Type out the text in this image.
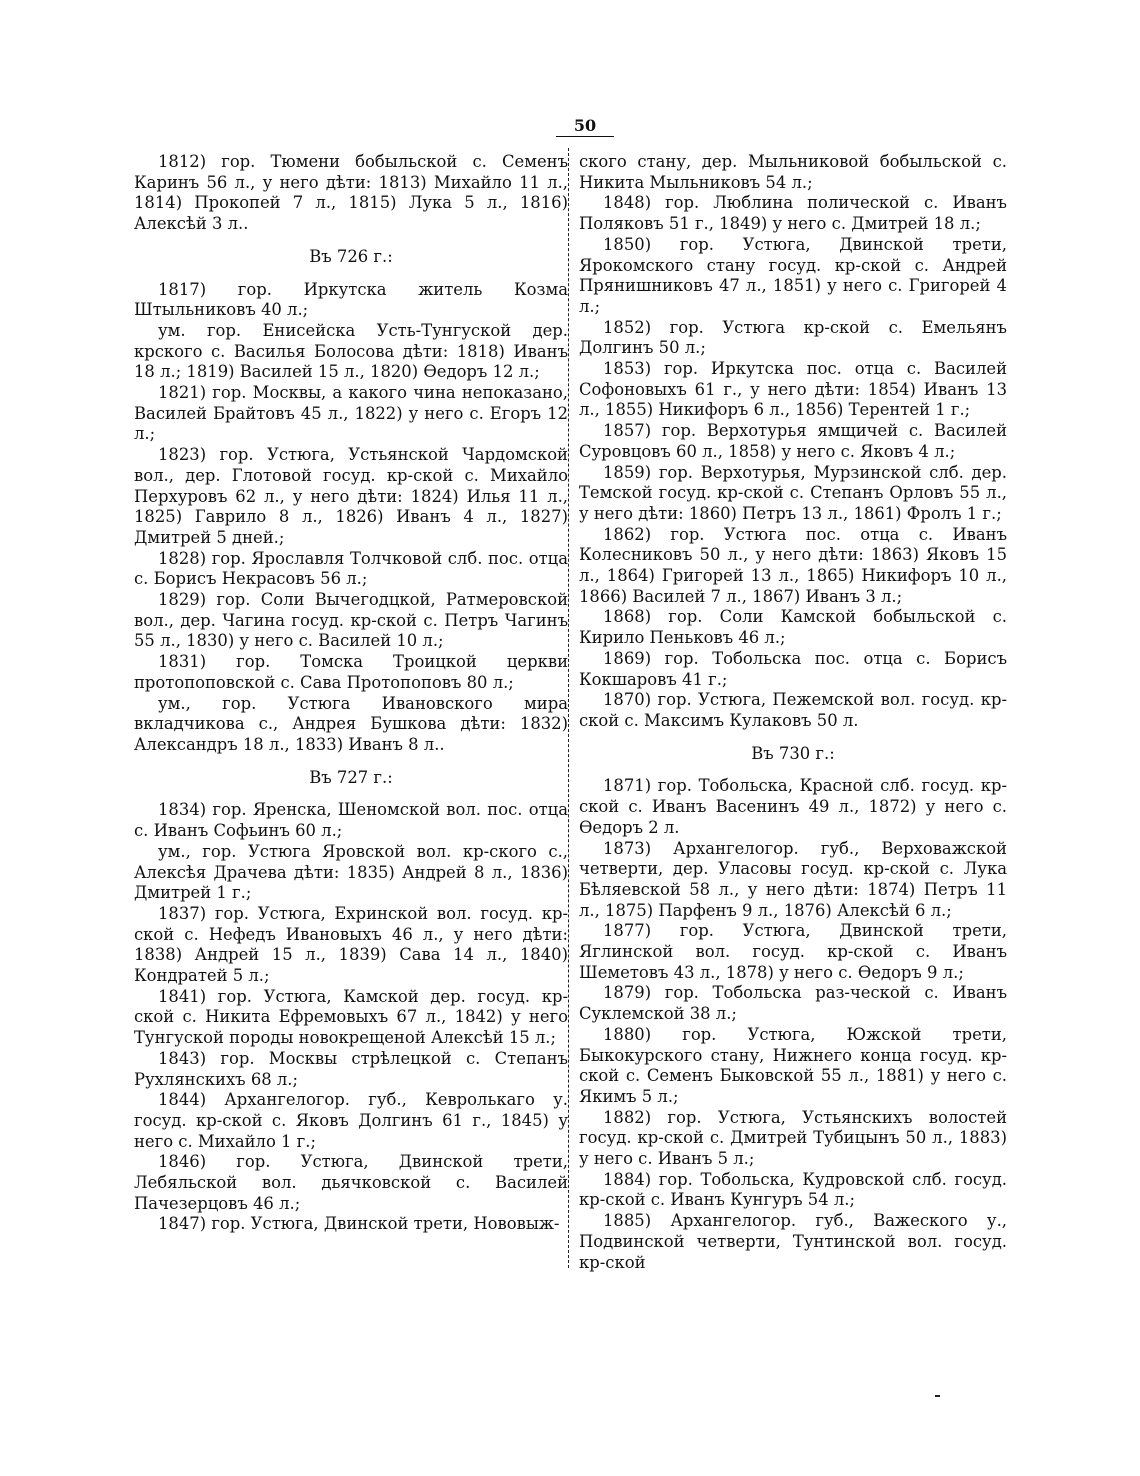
50

1812) гор. Тюмени бобыльской с. Семенъ Каринъ 56 л., у него дѣти: 1813) Михайло 11 л., 1814) Прокопей 7 л., 1815) Лука 5 л., 1816) Алексѣй 3 л..

Въ 726 г.:

1817) гор. Иркутска житель Козма Штыльниковъ 40 л.;

ум. гор. Енисейска Усть-Тунгуской дер. крского с. Василья Болосова дѣти: 1818) Иванъ 18 л.; 1819) Василей 15 л., 1820) Ѳедоръ 12 л.;

1821) гор. Москвы, а какого чина непоказано, Василей Брайтовъ 45 л., 1822) у него с. Егоръ 12 л.;

1823) гор. Устюга, Устьянской Чардомской вол., дер. Глотовой госуд. кр-ской с. Михайло Перхуровъ 62 л., у него дѣти: 1824) Илья 11 л., 1825) Гаврило 8 л., 1826) Иванъ 4 л., 1827) Дмитрей 5 дней.;

1828) гор. Ярославля Толчковой слб. пос. отца с. Борисъ Некрасовъ 56 л.;

1829) гор. Соли Вычегодцкой, Ратмеровской вол., дер. Чагина госуд. кр-ской с. Петръ Чагинъ 55 л., 1830) у него с. Василей 10 л.;

1831) гор. Томска Троицкой церкви протопоповской с. Сава Протопоповъ 80 л.;

ум., гор. Устюга Ивановского мира вкладчикова с., Андрея Бушкова дѣти: 1832) Александръ 18 л., 1833) Иванъ 8 л..

Въ 727 г.:

1834) гор. Яренска, Шеномской вол. пос. отца с. Иванъ Софьинъ 60 л.;

ум., гор. Устюга Яровской вол. кр-ского с., Алексѣя Драчева дѣти: 1835) Андрей 8 л., 1836) Дмитрей 1 г.;

1837) гор. Устюга, Ехринской вол. госуд. кр-ской с. Нефедъ Ивановыхъ 46 л., у него дѣти: 1838) Андрей 15 л., 1839) Сава 14 л., 1840) Кондратей 5 л.;

1841) гор. Устюга, Камской дер. госуд. кр-ской с. Никита Ефремовыхъ 67 л., 1842) у него Тунгуской породы новокрещеной Алексѣй 15 л.;

1843) гор. Москвы стрѣлецкой с. Степанъ Рухлянскихъ 68 л.;

1844) Архангелогор. губ., Кевролькаго у. госуд. кр-ской с. Яковъ Долгинъ 61 г., 1845) у него с. Михайло 1 г.;

1846) гор. Устюга, Двинской трети, Лебяльской вол. дьячковской с. Василей Пачезерцовъ 46 л.;

1847) гор. Устюга, Двинской трети, Нововыж-

ского стану, дер. Мыльниковой бобыльской с. Никита Мыльниковъ 54 л.;

1848) гор. Люблина полической с. Иванъ Поляковъ 51 г., 1849) у него с. Дмитрей 18 л.;

1850) гор. Устюга, Двинской трети, Ярокомского стану госуд. кр-ской с. Андрей Прянишниковъ 47 л., 1851) у него с. Григорей 4 л.;

1852) гор. Устюга кр-ской с. Емельянъ Долгинъ 50 л.;

1853) гор. Иркутска пос. отца с. Василей Софоновыхъ 61 г., у него дѣти: 1854) Иванъ 13 л., 1855) Никифоръ 6 л., 1856) Терентей 1 г.;

1857) гор. Верхотурья ямщичей с. Василей Суровцовъ 60 л., 1858) у него с. Яковъ 4 л.;

1859) гор. Верхотурья, Мурзинской слб. дер. Темской госуд. кр-ской с. Степанъ Орловъ 55 л., у него дѣти: 1860) Петръ 13 л., 1861) Фролъ 1 г.;

1862) гор. Устюга пос. отца с. Иванъ Колесниковъ 50 л., у него дѣти: 1863) Яковъ 15 л., 1864) Григорей 13 л., 1865) Никифоръ 10 л., 1866) Василей 7 л., 1867) Иванъ 3 л.;

1868) гор. Соли Камской бобыльской с. Кирило Пеньковъ 46 л.;

1869) гор. Тобольска пос. отца с. Борисъ Кокшаровъ 41 г.;

1870) гор. Устюга, Пежемской вол. госуд. кр-ской с. Максимъ Кулаковъ 50 л.

Въ 730 г.:

1871) гор. Тобольска, Красной слб. госуд. кр-ской с. Иванъ Васенинъ 49 л., 1872) у него с. Ѳедоръ 2 л.

1873) Архангелогор. губ., Верховажской четверти, дер. Уласовы госуд. кр-ской с. Лука Бѣляевской 58 л., у него дѣти: 1874) Петръ 11 л., 1875) Парфенъ 9 л., 1876) Алексѣй 6 л.;

1877) гор. Устюга, Двинской трети, Яглинской вол. госуд. кр-ской с. Иванъ Шеметовъ 43 л., 1878) у него с. Ѳедоръ 9 л.;

1879) гор. Тобольска раз-ческой с. Иванъ Суклемской 38 л.;

1880) гор. Устюга, Южской трети, Быкокурского стану, Нижнего конца госуд. кр-ской с. Семенъ Быковской 55 л., 1881) у него с. Якимъ 5 л.;

1882) гор. Устюга, Устьянскихъ волостей госуд. кр-ской с. Дмитрей Тубицынъ 50 л., 1883) у него с. Иванъ 5 л.;

1884) гор. Тобольска, Кудровской слб. госуд. кр-ской с. Иванъ Кунгуръ 54 л.;

1885) Архангелогор. губ., Важеского у., Подвинской четверти, Тунтинской вол. госуд. кр-ской
